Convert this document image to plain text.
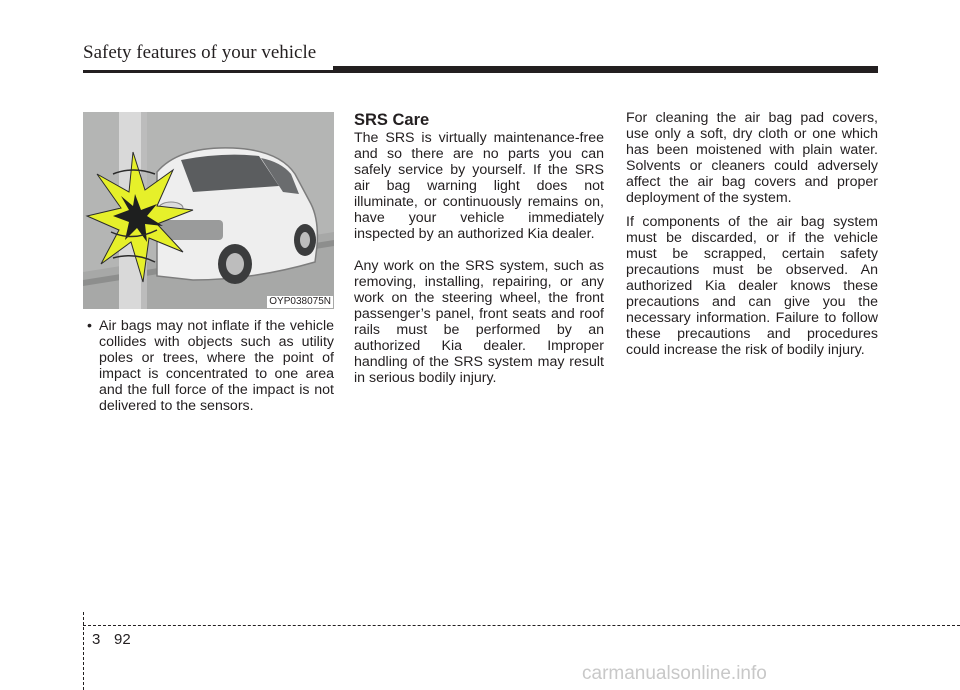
Safety features of your vehicle
OYP038075N

• Air bags may not inflate if the vehicle collides with objects such as utility poles or trees, where the point of impact is concentrated to one area and the full force of the impact is not delivered to the sensors.

SRS Care

The SRS is virtually maintenance-free and so there are no parts you can safely service by yourself. If the SRS air bag warning light does not illuminate, or continuously remains on, have your vehicle immediately inspected by an authorized Kia dealer.

Any work on the SRS system, such as removing, installing, repairing, or any work on the steering wheel, the front passenger’s panel, front seats and roof rails must be performed by an authorized Kia dealer. Improper handling of the SRS system may result in serious bodily injury.

For cleaning the air bag pad covers, use only a soft, dry cloth or one which has been moistened with plain water. Solvents or cleaners could adversely affect the air bag covers and proper deployment of the system.

If components of the air bag system must be discarded, or if the vehicle must be scrapped, certain safety precautions must be observed. An authorized Kia dealer knows these precautions and can give you the necessary information. Failure to follow these precautions and procedures could increase the risk of bodily injury.

3 92
carmanualsonline.info
